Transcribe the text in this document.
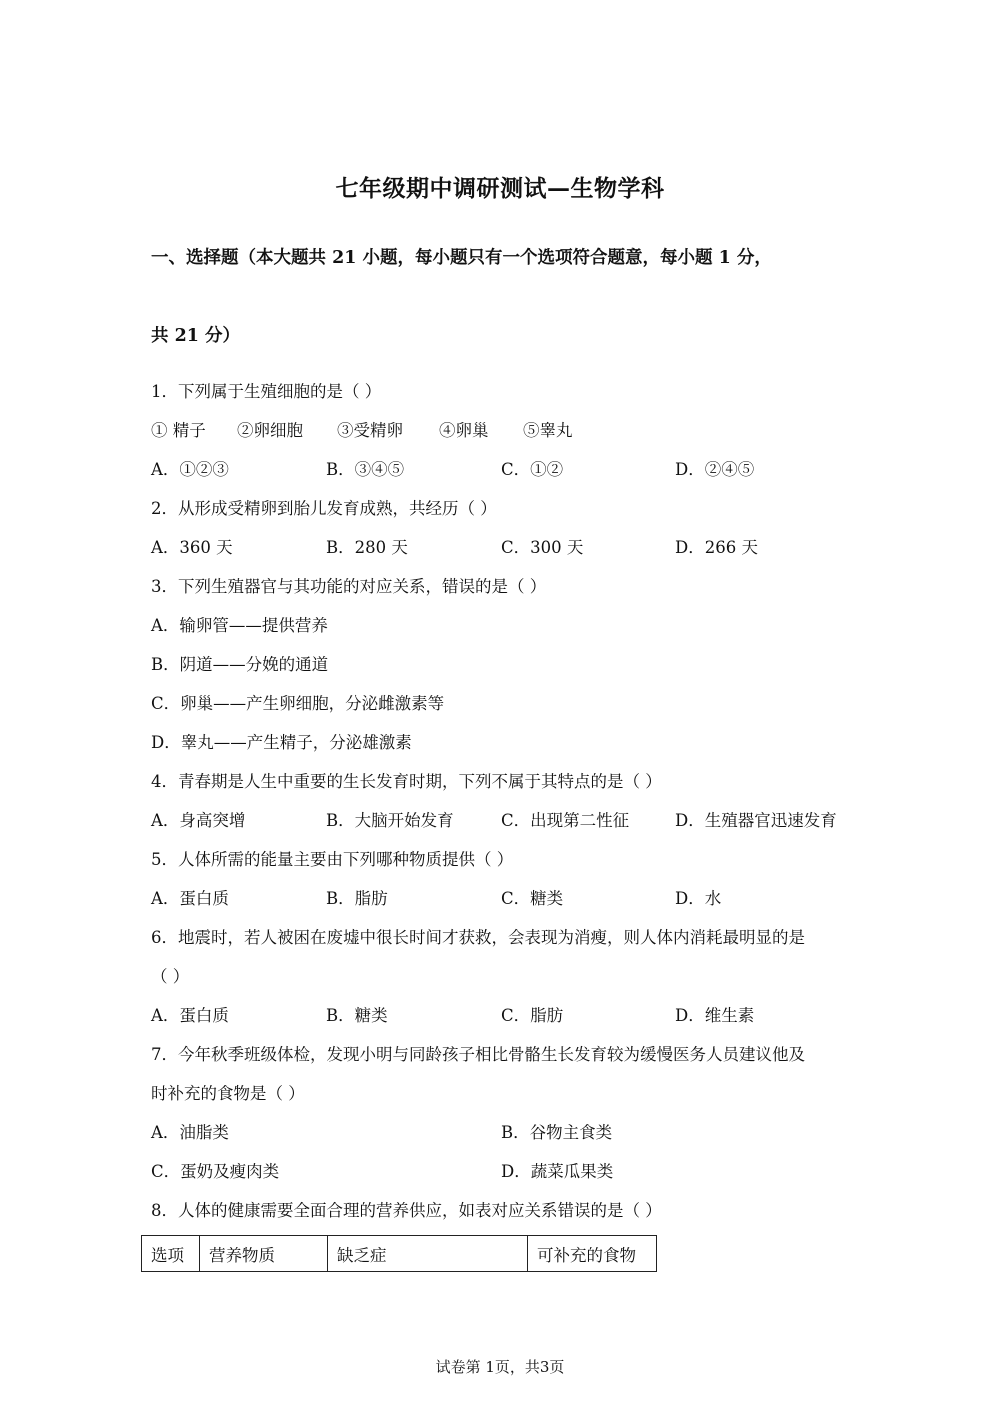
七年级期中调研测试—生物学科
一、选择题（本大题共 21 小题，每小题只有一个选项符合题意，每小题 1 分，
共 21 分）
1．下列属于生殖细胞的是（ ）
① 精子 ②卵细胞 ③受精卵 ④卵巢 ⑤睾丸
A．①②③	B．③④⑤	C．①②	D．②④⑤
2．从形成受精卵到胎儿发育成熟，共经历（ ）
A．360 天	B．280 天	C．300 天	D．266 天
3．下列生殖器官与其功能的对应关系，错误的是（ ）
A．输卵管——提供营养
B．阴道——分娩的通道
C．卵巢——产生卵细胞，分泌雌激素等
D．睾丸——产生精子，分泌雄激素
4．青春期是人生中重要的生长发育时期，下列不属于其特点的是（ ）
A．身高突增	B．大脑开始发育	C．出现第二性征	D．生殖器官迅速发育
5．人体所需的能量主要由下列哪种物质提供（ ）
A．蛋白质	B．脂肪	C．糖类	D．水
6．地震时，若人被困在废墟中很长时间才获救，会表现为消瘦，则人体内消耗最明显的是
（ ）
A．蛋白质	B．糖类	C．脂肪	D．维生素
7．今年秋季班级体检，发现小明与同龄孩子相比骨骼生长发育较为缓慢医务人员建议他及
时补充的食物是（ ）
A．油脂类	B．谷物主食类
C．蛋奶及瘦肉类	D．蔬菜瓜果类
8．人体的健康需要全面合理的营养供应，如表对应关系错误的是（ ）
选项	营养物质	缺乏症	可补充的食物
试卷第 1页，共3页
